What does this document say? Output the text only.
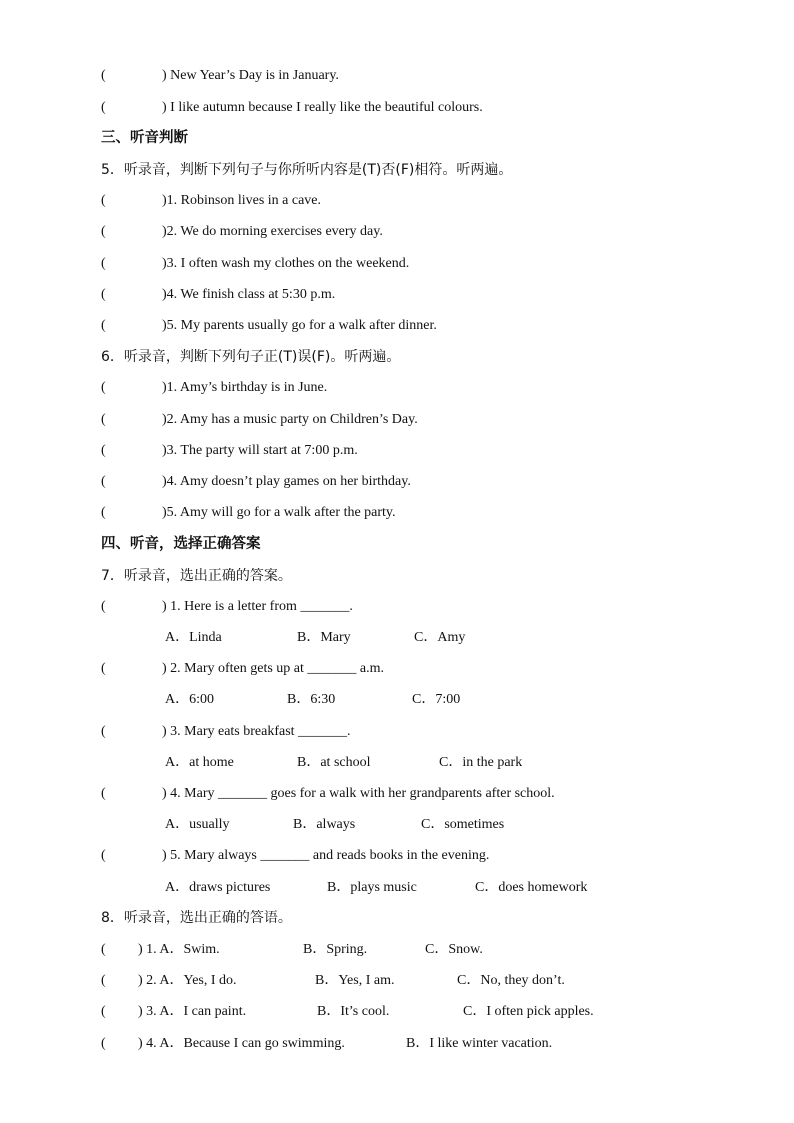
(	) New Year’s Day is in January.
(	) I like autumn because I really like the beautiful colours.
三、听音判断
5．听录音，判断下列句子与你所听内容是(T)否(F)相符。听两遍。
(	)1. Robinson lives in a cave.
(	)2. We do morning exercises every day.
(	)3. I often wash my clothes on the weekend.
(	)4. We finish class at 5:30 p.m.
(	)5. My parents usually go for a walk after dinner.
6．听录音，判断下列句子正(T)误(F)。听两遍。
(	)1. Amy’s birthday is in June.
(	)2. Amy has a music party on Children’s Day.
(	)3. The party will start at 7:00 p.m.
(	)4. Amy doesn’t play games on her birthday.
(	)5. Amy will go for a walk after the party.
四、听音，选择正确答案
7．听录音，选出正确的答案。
(	) 1. Here is a letter from _______.
A．Linda	B．Mary	C．Amy
(	) 2. Mary often gets up at _______ a.m.
A．6:00	B．6:30	C．7:00
(	) 3. Mary eats breakfast _______.
A．at home	B．at school	C．in the park
(	) 4. Mary _______ goes for a walk with her grandparents after school.
A．usually	B．always	C．sometimes
(	) 5. Mary always _______ and reads books in the evening.
A．draws pictures	B．plays music	C．does homework
8．听录音，选出正确的答语。
( ) 1. A．Swim.	B．Spring.	C．Snow.
( ) 2. A．Yes, I do.	B．Yes, I am.	C．No, they don’t.
( ) 3. A．I can paint.	B．It’s cool.	C．I often pick apples.
( ) 4. A．Because I can go swimming.	B．I like winter vacation.
